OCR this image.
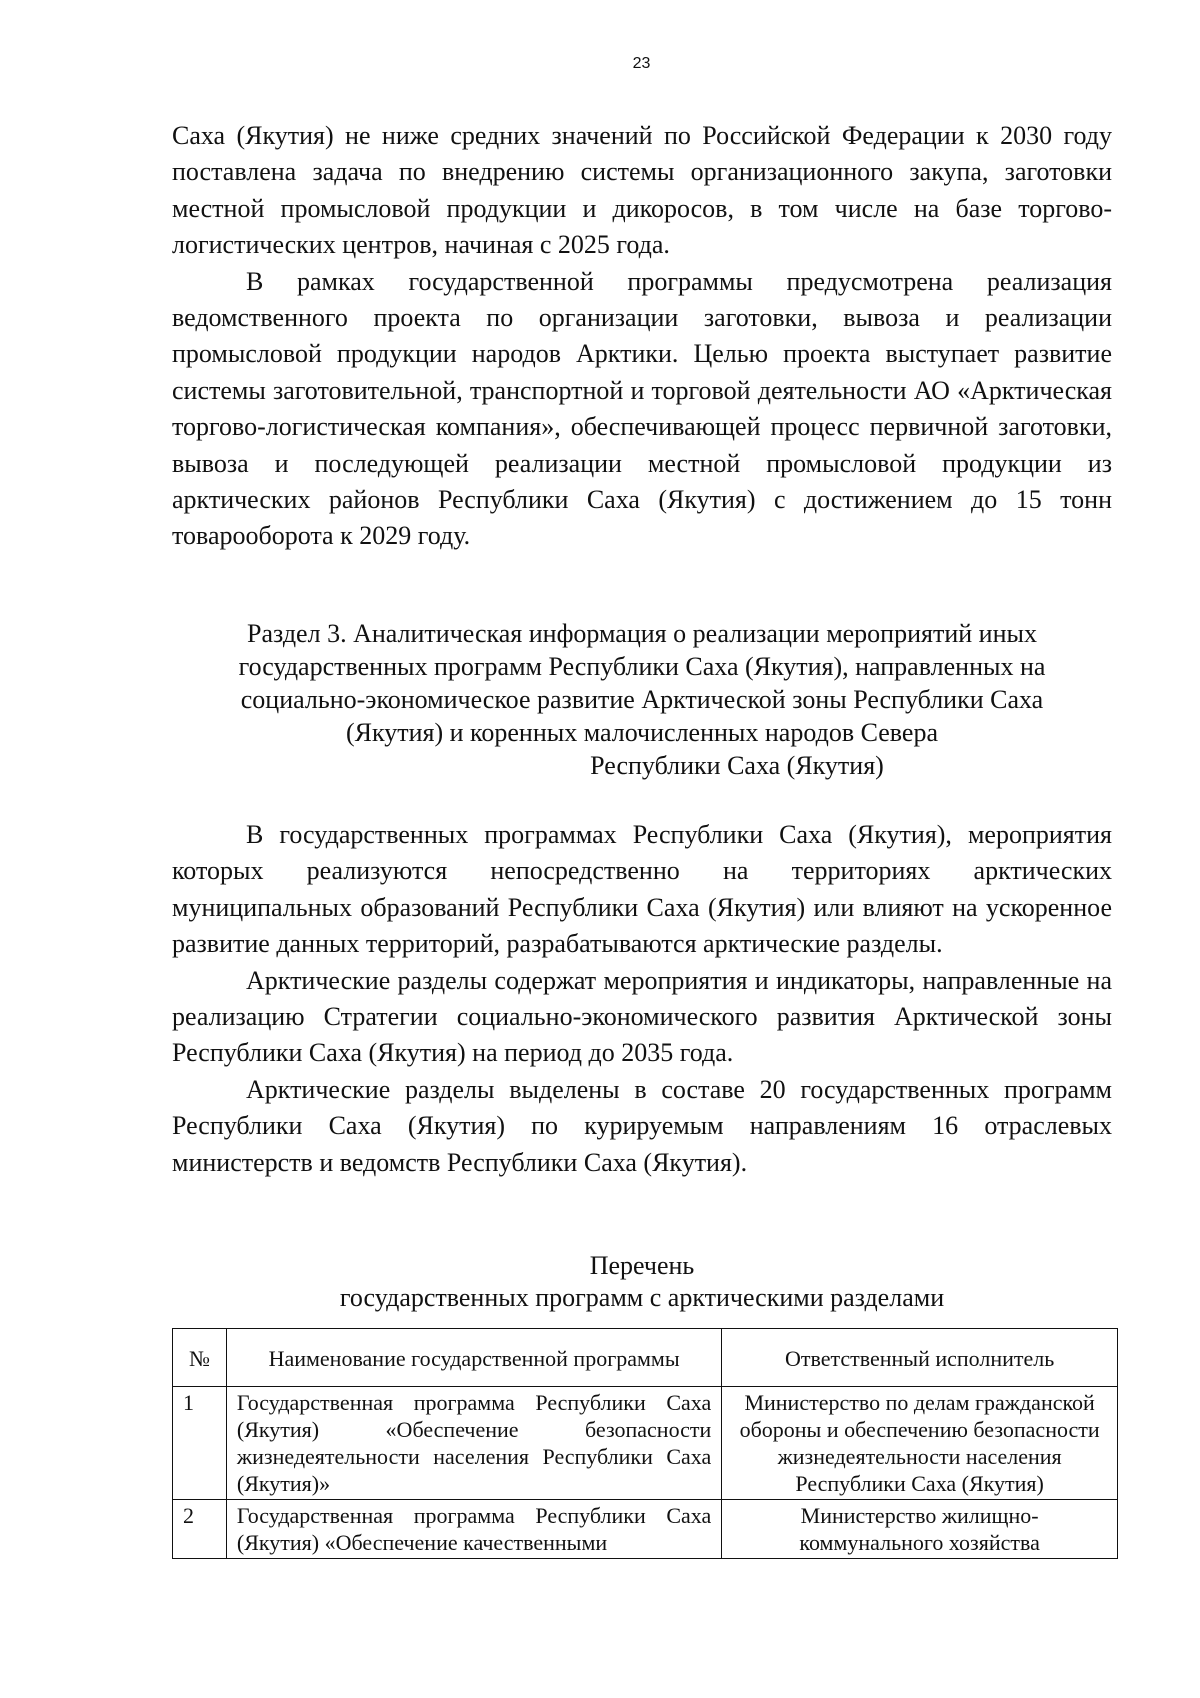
23

Саха (Якутия) не ниже средних значений по Российской Федерации к 2030 году поставлена задача по внедрению системы организационного закупа, заготовки местной промысловой продукции и дикоросов, в том числе на базе торгово-логистических центров, начиная с 2025 года.

В рамках государственной программы предусмотрена реализация ведомственного проекта по организации заготовки, вывоза и реализации промысловой продукции народов Арктики. Целью проекта выступает развитие системы заготовительной, транспортной и торговой деятельности АО «Арктическая торгово-логистическая компания», обеспечивающей процесс первичной заготовки, вывоза и последующей реализации местной промысловой продукции из арктических районов Республики Саха (Якутия) с достижением до 15 тонн товарооборота к 2029 году.

Раздел 3. Аналитическая информация о реализации мероприятий иных
государственных программ Республики Саха (Якутия), направленных на
социально-экономическое развитие Арктической зоны Республики Саха
(Якутия) и коренных малочисленных народов Севера
Республики Саха (Якутия)

В государственных программах Республики Саха (Якутия), мероприятия которых реализуются непосредственно на территориях арктических муниципальных образований Республики Саха (Якутия) или влияют на ускоренное развитие данных территорий, разрабатываются арктические разделы.

Арктические разделы содержат мероприятия и индикаторы, направленные на реализацию Стратегии социально-экономического развития Арктической зоны Республики Саха (Якутия) на период до 2035 года.

Арктические разделы выделены в составе 20 государственных программ Республики Саха (Якутия) по курируемым направлениям 16 отраслевых министерств и ведомств Республики Саха (Якутия).

Перечень
государственных программ с арктическими разделами
№	Наименование государственной программы	Ответственный исполнитель
1	Государственная программа Республики Саха (Якутия) «Обеспечение безопасности жизнедеятельности населения Республики Саха (Якутия)»	Министерство по делам гражданской обороны и обеспечению безопасности жизнедеятельности населения Республики Саха (Якутия)
2	Государственная программа Республики Саха (Якутия) «Обеспечение качественными	Министерство жилищно-коммунального хозяйства
